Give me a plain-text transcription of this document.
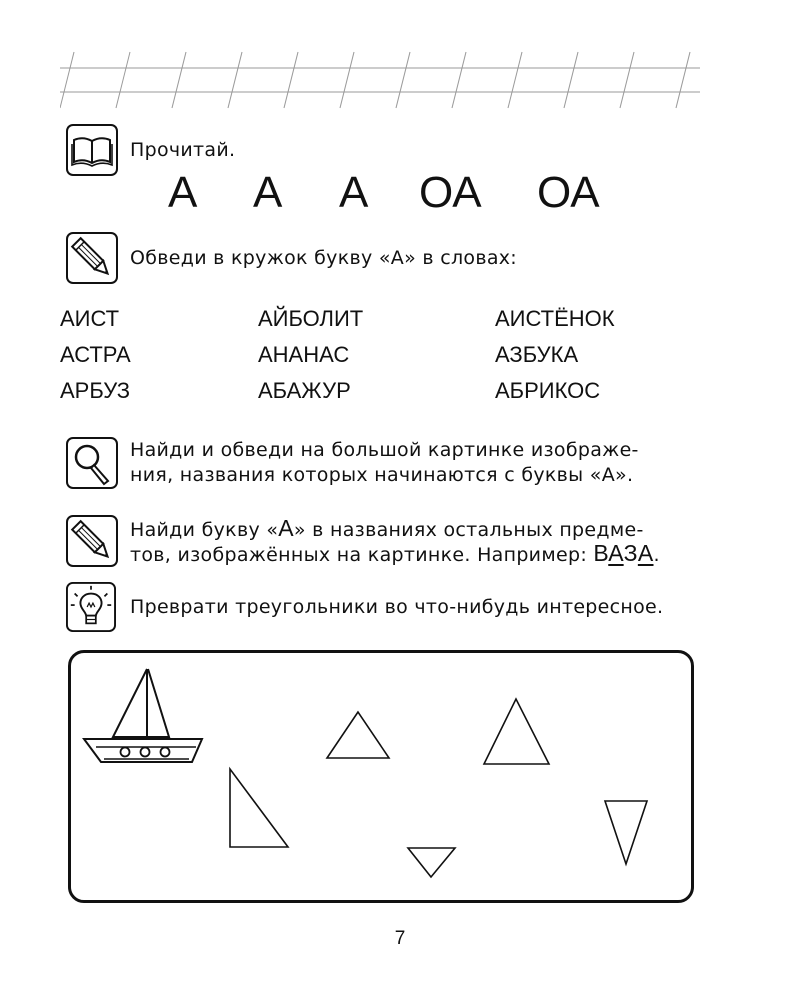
Прочитай.
А А А ОА ОА
Обведи в кружок букву «А» в словах:
АИСТ	АЙБОЛИТ	АИСТЁНОК
АСТРА	АНАНАС	АЗБУКА
АРБУЗ	АБАЖУР	АБРИКОС
Найди и обведи на большой картинке изображе-
ния, названия которых начинаются с буквы «А».
Найди букву «А» в названиях остальных предме-
тов, изображённых на картинке. Например: ВАЗА.
Преврати треугольники во что-нибудь интересное.
7
